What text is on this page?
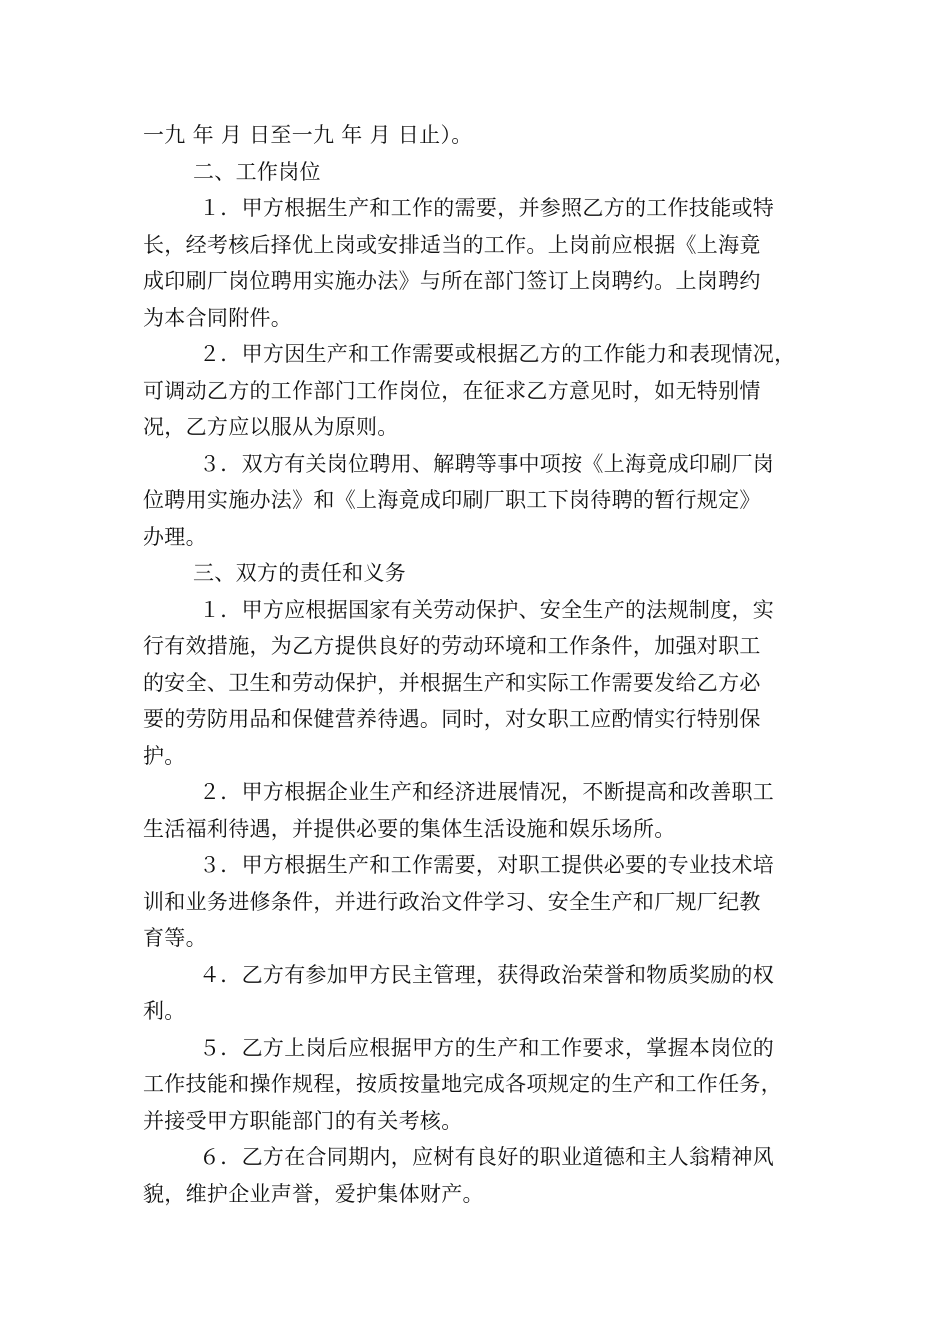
一九 年 月 日至一九 年 月 日止）。
二、工作岗位
１．甲方根据生产和工作的需要，并参照乙方的工作技能或特
长，经考核后择优上岗或安排适当的工作。上岗前应根据《上海竟
成印刷厂岗位聘用实施办法》与所在部门签订上岗聘约。上岗聘约
为本合同附件。
２．甲方因生产和工作需要或根据乙方的工作能力和表现情况，
可调动乙方的工作部门工作岗位，在征求乙方意见时，如无特别情
况，乙方应以服从为原则。
３．双方有关岗位聘用、解聘等事中项按《上海竟成印刷厂岗
位聘用实施办法》和《上海竟成印刷厂职工下岗待聘的暂行规定》
办理。
三、双方的责任和义务
１．甲方应根据国家有关劳动保护、安全生产的法规制度，实
行有效措施，为乙方提供良好的劳动环境和工作条件，加强对职工
的安全、卫生和劳动保护，并根据生产和实际工作需要发给乙方必
要的劳防用品和保健营养待遇。同时，对女职工应酌情实行特别保
护。
２．甲方根据企业生产和经济进展情况，不断提高和改善职工
生活福利待遇，并提供必要的集体生活设施和娱乐场所。
３．甲方根据生产和工作需要，对职工提供必要的专业技术培
训和业务进修条件，并进行政治文件学习、安全生产和厂规厂纪教
育等。
４．乙方有参加甲方民主管理，获得政治荣誉和物质奖励的权
利。
５．乙方上岗后应根据甲方的生产和工作要求，掌握本岗位的
工作技能和操作规程，按质按量地完成各项规定的生产和工作任务，
并接受甲方职能部门的有关考核。
６．乙方在合同期内，应树有良好的职业道德和主人翁精神风
貌，维护企业声誉，爱护集体财产。
